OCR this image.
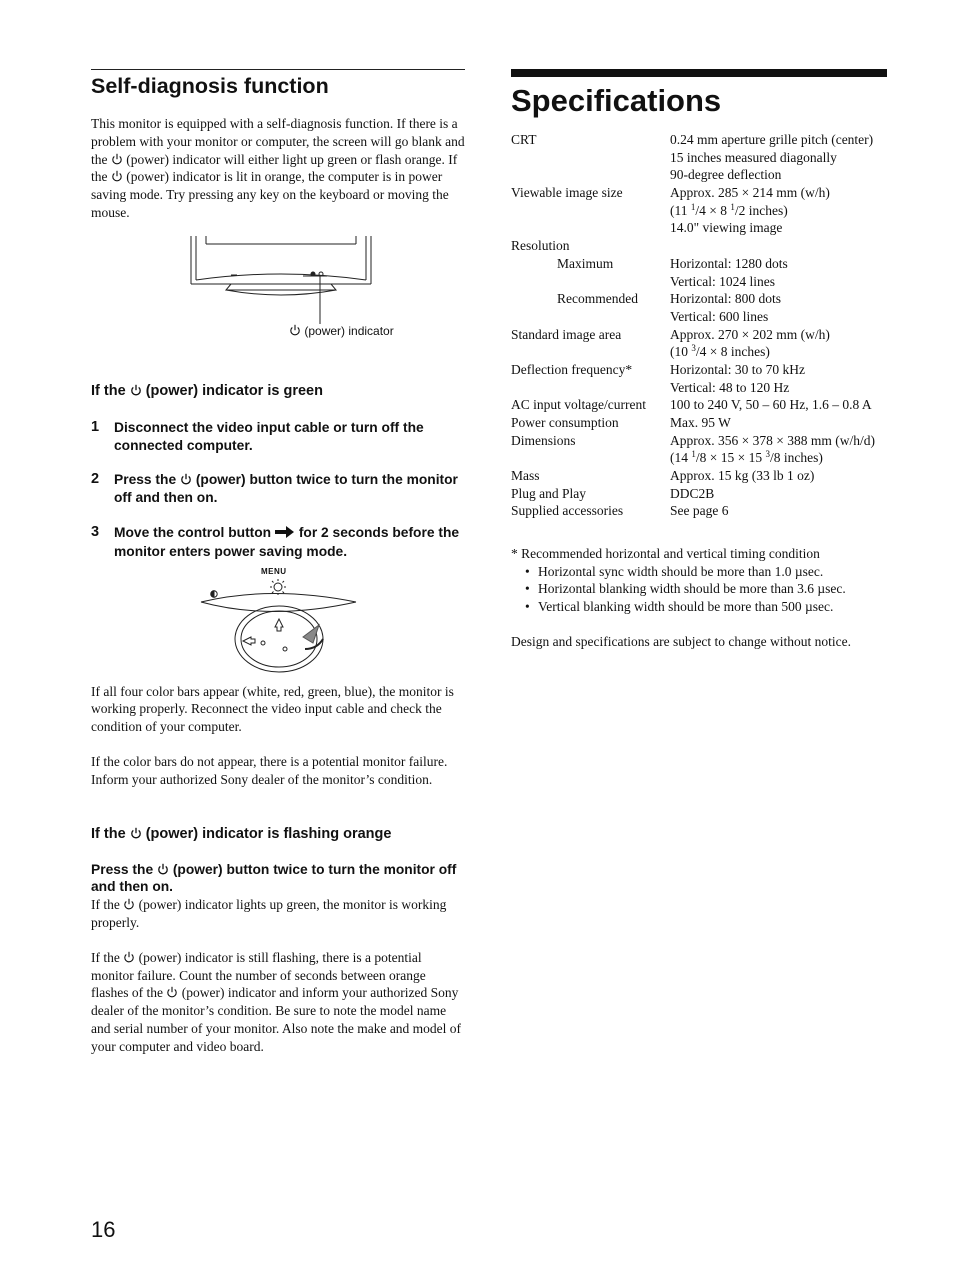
Self-diagnosis function

This monitor is equipped with a self-diagnosis function. If there is a problem with your monitor or computer, the screen will go blank and the (power) indicator will either light up green or flash orange. If the (power) indicator is lit in orange, the computer is in power saving mode. Try pressing any key on the keyboard or moving the mouse.

(power) indicator
If the (power) indicator is green
1 Disconnect the video input cable or turn off the connected computer.
2 Press the (power) button twice to turn the monitor off and then on.
3 Move the control button for 2 seconds before the monitor enters power saving mode.
MENU

If all four color bars appear (white, red, green, blue), the monitor is working properly. Reconnect the video input cable and check the condition of your computer.

If the color bars do not appear, there is a potential monitor failure. Inform your authorized Sony dealer of the monitor’s condition.

If the (power) indicator is flashing orange
Press the (power) button twice to turn the monitor off and then on.

If the (power) indicator lights up green, the monitor is working properly.

If the (power) indicator is still flashing, there is a potential monitor failure. Count the number of seconds between orange flashes of the (power) indicator and inform your authorized Sony dealer of the monitor’s condition. Be sure to note the model name and serial number of your monitor. Also note the make and model of your computer and video board.

Specifications
CRT	0.24 mm aperture grille pitch (center)
15 inches measured diagonally
90-degree deflection
Viewable image size	Approx. 285 × 214 mm (w/h)
(11 $^1$/4 × 8 $^1$/2 inches)
14.0" viewing image
Resolution
Maximum	Horizontal: 1280 dots
Vertical: 1024 lines
Recommended Horizontal: 800 dots
Vertical: 600 lines
Standard image area	Approx. 270 × 202 mm (w/h)
(10 $^3$/4 × 8 inches)
Deflection frequency*	Horizontal: 30 to 70 kHz
Vertical: 48 to 120 Hz
AC input voltage/current 100 to 240 V, 50 – 60 Hz, 1.6 – 0.8 A
Power consumption	Max. 95 W
Dimensions	Approx. 356 × 378 × 388 mm (w/h/d)
(14 $^1$/8 × 15 × 15 $^3$/8 inches)
Mass	Approx. 15 kg (33 lb 1 oz)
Plug and Play	DDC2B
Supplied accessories	See page 6
* Recommended horizontal and vertical timing condition
• Horizontal sync width should be more than 1.0 µsec.
• Horizontal blanking width should be more than 3.6 µsec.
• Vertical blanking width should be more than 500 µsec.
Design and specifications are subject to change without notice.
16
